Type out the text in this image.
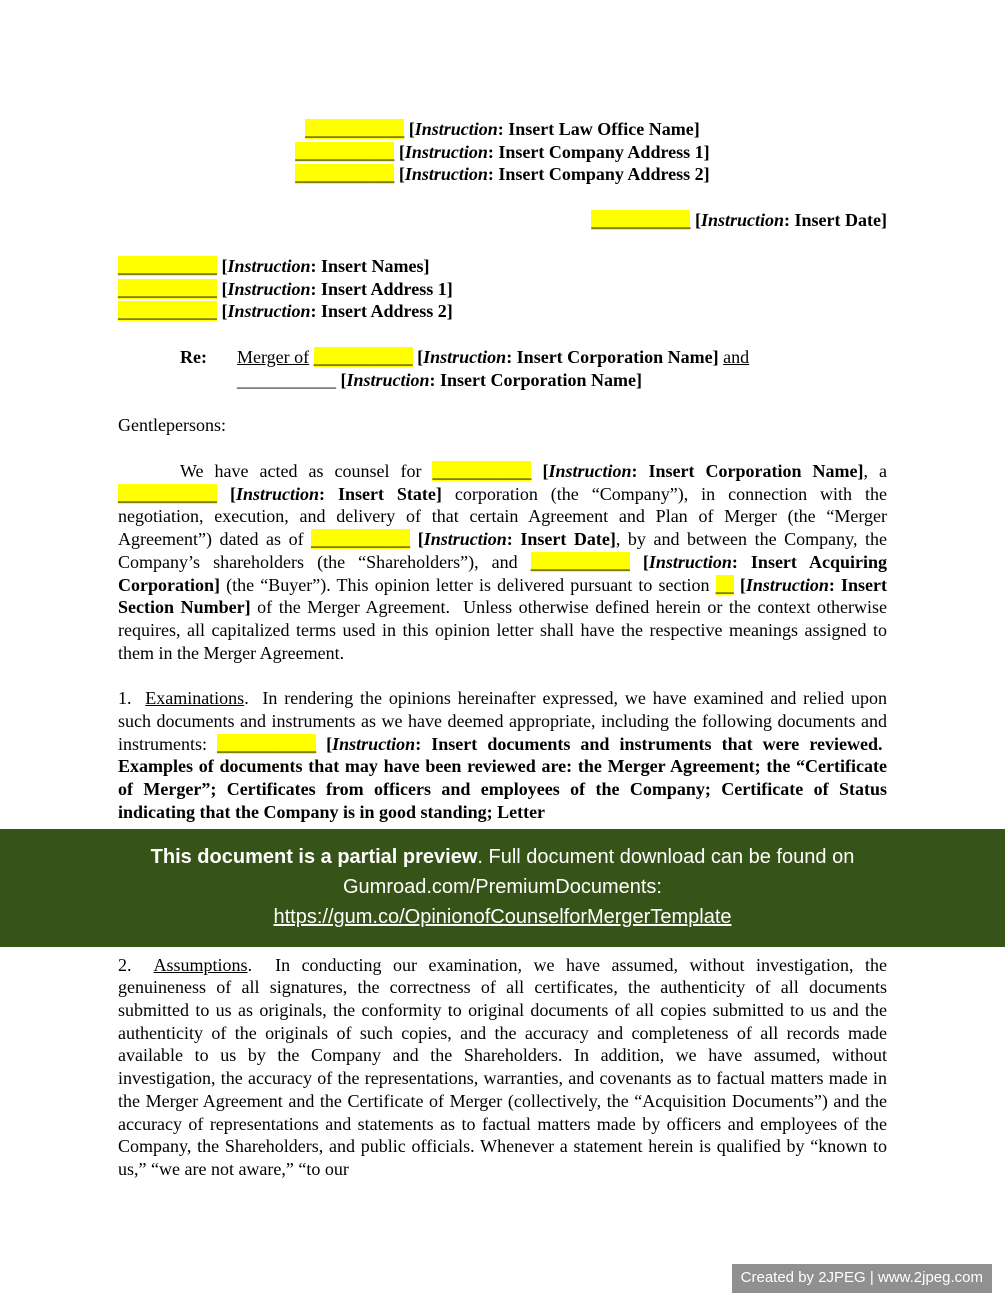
___________ [Instruction: Insert Law Office Name]
___________ [Instruction: Insert Company Address 1]
___________ [Instruction: Insert Company Address 2]
___________ [Instruction: Insert Date]
___________ [Instruction: Insert Names]
___________ [Instruction: Insert Address 1]
___________ [Instruction: Insert Address 2]
Re:	Merger of ___________ [Instruction: Insert Corporation Name] and
___________ [Instruction: Insert Corporation Name]
Gentlepersons:

We have acted as counsel for ___________ [Instruction: Insert Corporation Name], a ___________ [Instruction: Insert State] corporation (the “Company”), in connection with the negotiation, execution, and delivery of that certain Agreement and Plan of Merger (the “Merger Agreement”) dated as of ___________ [Instruction: Insert Date], by and between the Company, the Company’s shareholders (the “Shareholders”), and ___________ [Instruction: Insert Acquiring Corporation] (the “Buyer”). This opinion letter is delivered pursuant to section __ [Instruction: Insert Section Number] of the Merger Agreement.  Unless otherwise defined herein or the context otherwise requires, all capitalized terms used in this opinion letter shall have the respective meanings assigned to them in the Merger Agreement.

1.  Examinations.  In rendering the opinions hereinafter expressed, we have examined and relied upon such documents and instruments as we have deemed appropriate, including the following documents and instruments: ___________ [Instruction: Insert documents and instruments that were reviewed.  Examples of documents that may have been reviewed are: the Merger Agreement; the “Certificate of Merger”; Certificates from officers and employees of the Company; Certificate of Status indicating that the Company is in good standing; Letter

This document is a partial preview. Full document download can be found on
Gumroad.com/PremiumDocuments:
https://gum.co/OpinionofCounselforMergerTemplate

2.  Assumptions.  In conducting our examination, we have assumed, without investigation, the genuineness of all signatures, the correctness of all certificates, the authenticity of all documents submitted to us as originals, the conformity to original documents of all copies submitted to us and the authenticity of the originals of such copies, and the accuracy and completeness of all records made available to us by the Company and the Shareholders. In addition, we have assumed, without investigation, the accuracy of the representations, warranties, and covenants as to factual matters made in the Merger Agreement and the Certificate of Merger (collectively, the “Acquisition Documents”) and the accuracy of representations and statements as to factual matters made by officers and employees of the Company, the Shareholders, and public officials. Whenever a statement herein is qualified by “known to us,” “we are not aware,” “to our

Created by 2JPEG | www.2jpeg.com
